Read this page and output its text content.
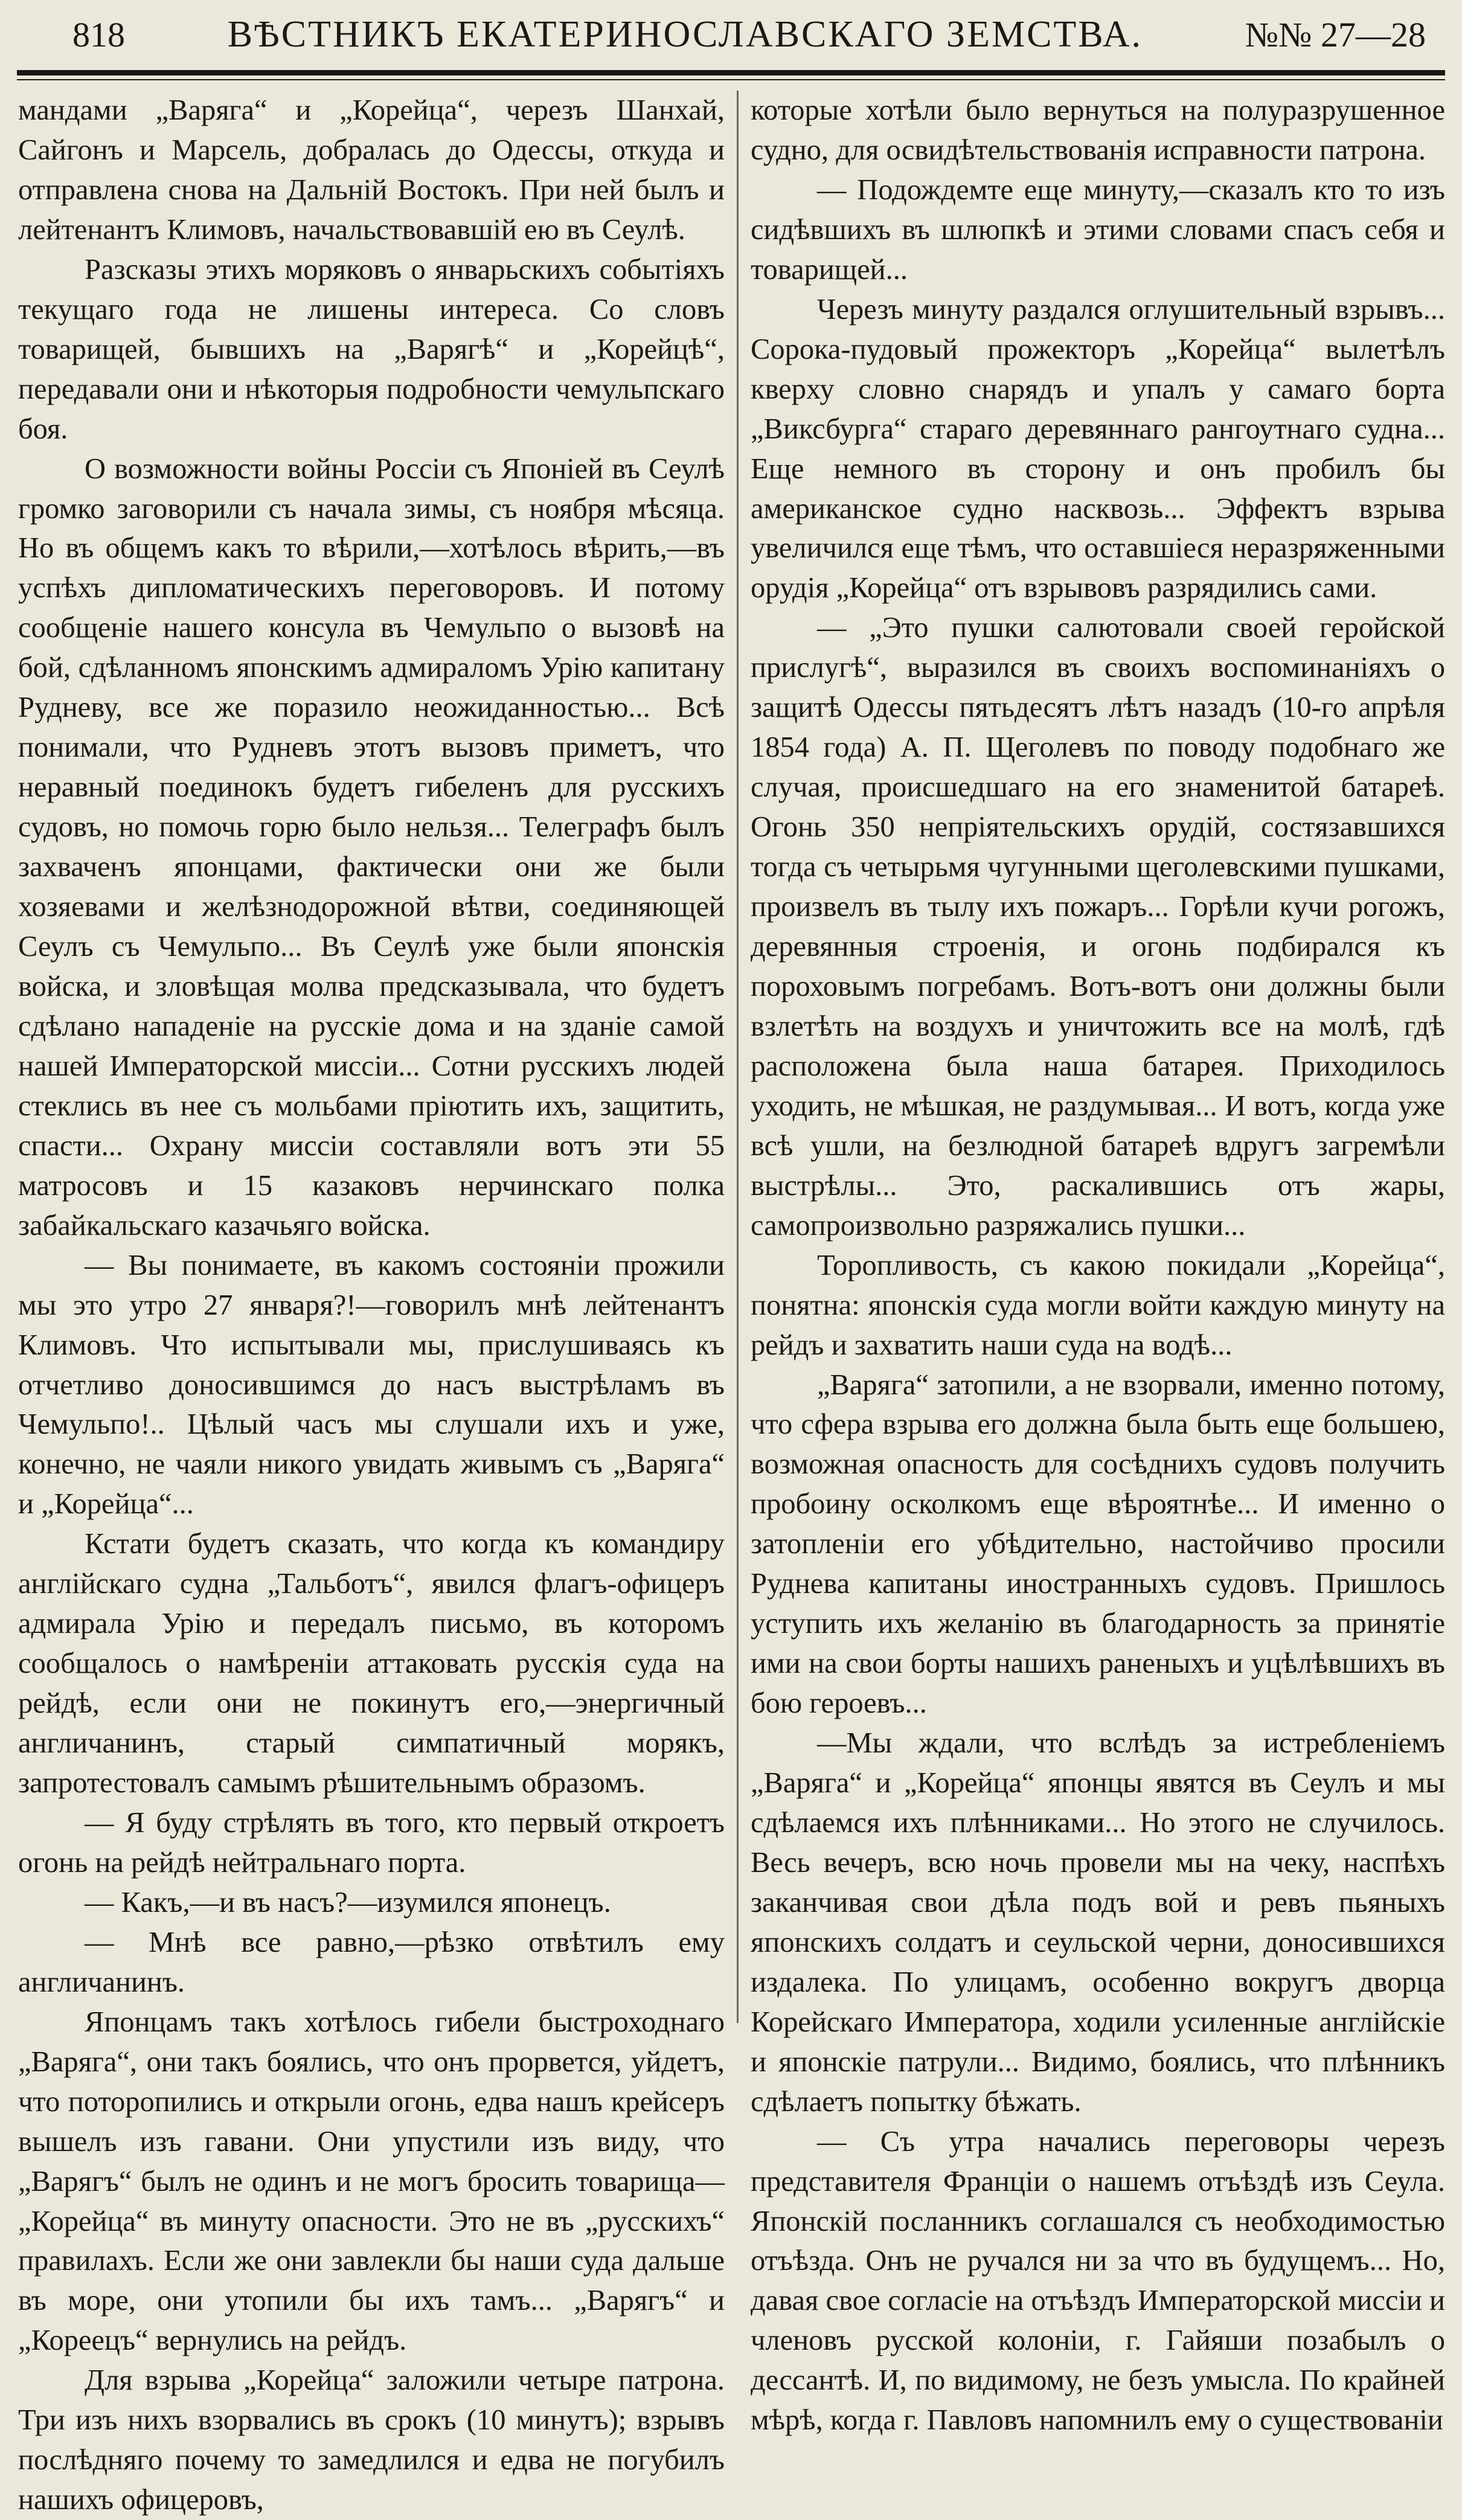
818	ВѢСТНИКЪ ЕКАТЕРИНОСЛАВСКАГО ЗЕМСТВА.	№№ 27—28

мандами „Варяга“ и „Корейца“, черезъ Шанхай, Сайгонъ и Марсель, добралась до Одессы, откуда и отправлена снова на Дальній Востокъ. При ней былъ и лейтенантъ Климовъ, начальствовавшій ею въ Сеулѣ.

Разсказы этихъ моряковъ о январьскихъ событіяхъ текущаго года не лишены интереса. Со словъ товарищей, бывшихъ на „Варягѣ“ и „Корейцѣ“, передавали они и нѣкоторыя подробности чемульпскаго боя.

О возможности войны Россіи съ Японіей въ Сеулѣ громко заговорили съ начала зимы, съ ноября мѣсяца. Но въ общемъ какъ то вѣрили,—хотѣлось вѣрить,—въ успѣхъ дипломатическихъ переговоровъ. И потому сообщеніе нашего консула въ Чемульпо о вызовѣ на бой, сдѣланномъ японскимъ адмираломъ Урію капитану Рудневу, все же поразило неожиданностью... Всѣ понимали, что Рудневъ этотъ вызовъ приметъ, что неравный поединокъ будетъ гибеленъ для русскихъ судовъ, но помочь горю было нельзя... Телеграфъ былъ захваченъ японцами, фактически они же были хозяевами и желѣзнодорожной вѣтви, соединяющей Сеулъ съ Чемульпо... Въ Сеулѣ уже были японскія войска, и зловѣщая молва предсказывала, что будетъ сдѣлано нападеніе на русскіе дома и на зданіе самой нашей Императорской миссіи... Сотни русскихъ людей стеклись въ нее съ мольбами пріютить ихъ, защитить, спасти... Охрану миссіи составляли вотъ эти 55 матросовъ и 15 казаковъ нерчинскаго полка забайкальскаго казачьяго войска.

— Вы понимаете, въ какомъ состояніи прожили мы это утро 27 января?!—говорилъ мнѣ лейтенантъ Климовъ. Что испытывали мы, прислушиваясь къ отчетливо доносившимся до насъ выстрѣламъ въ Чемульпо!.. Цѣлый часъ мы слушали ихъ и уже, конечно, не чаяли никого увидать живымъ съ „Варяга“ и „Корейца“...

Кстати будетъ сказать, что когда къ командиру англійскаго судна „Тальботъ“, явился флагъ-офицеръ адмирала Урію и передалъ письмо, въ которомъ сообщалось о намѣреніи аттаковать русскія суда на рейдѣ, если они не покинутъ его,—энергичный англичанинъ, старый симпатичный морякъ, запротестовалъ самымъ рѣшительнымъ образомъ.

— Я буду стрѣлять въ того, кто первый откроетъ огонь на рейдѣ нейтральнаго порта.

— Какъ,—и въ насъ?—изумился японецъ.

— Мнѣ все равно,—рѣзко отвѣтилъ ему англичанинъ.

Японцамъ такъ хотѣлось гибели быстроходнаго „Варяга“, они такъ боялись, что онъ прорвется, уйдетъ, что поторопились и открыли огонь, едва нашъ крейсеръ вышелъ изъ гавани. Они упустили изъ виду, что „Варягъ“ былъ не одинъ и не могъ бросить товарища—„Корейца“ въ минуту опасности. Это не въ „русскихъ“ правилахъ. Если же они завлекли бы наши суда дальше въ море, они утопили бы ихъ тамъ... „Варягъ“ и „Кореецъ“ вернулись на рейдъ.

Для взрыва „Корейца“ заложили четыре патрона. Три изъ нихъ взорвались въ срокъ (10 минутъ); взрывъ послѣдняго почему то замедлился и едва не погубилъ нашихъ офицеровъ,

которые хотѣли было вернуться на полуразрушенное судно, для освидѣтельствованія исправности патрона.

— Подождемте еще минуту,—сказалъ кто то изъ сидѣвшихъ въ шлюпкѣ и этими словами спасъ себя и товарищей...

Черезъ минуту раздался оглушительный взрывъ... Сорока-пудовый прожекторъ „Корейца“ вылетѣлъ кверху словно снарядъ и упалъ у самаго борта „Виксбурга“ стараго деревяннаго рангоутнаго судна... Еще немного въ сторону и онъ пробилъ бы американское судно насквозь... Эффектъ взрыва увеличился еще тѣмъ, что оставшіеся неразряженными орудія „Корейца“ отъ взрывовъ разрядились сами.

— „Это пушки салютовали своей геройской прислугѣ“, выразился въ своихъ воспоминаніяхъ о защитѣ Одессы пятьдесятъ лѣтъ назадъ (10-го апрѣля 1854 года) А. П. Щеголевъ по поводу подобнаго же случая, происшедшаго на его знаменитой батареѣ. Огонь 350 непріятельскихъ орудій, состязавшихся тогда съ четырьмя чугунными щеголевскими пушками, произвелъ въ тылу ихъ пожаръ... Горѣли кучи рогожъ, деревянныя строенія, и огонь подбирался къ пороховымъ погребамъ. Вотъ-вотъ они должны были взлетѣть на воздухъ и уничтожить все на молѣ, гдѣ расположена была наша батарея. Приходилось уходить, не мѣшкая, не раздумывая... И вотъ, когда уже всѣ ушли, на безлюдной батареѣ вдругъ загремѣли выстрѣлы... Это, раскалившись отъ жары, самопроизвольно разряжались пушки...

Торопливость, съ какою покидали „Корейца“, понятна: японскія суда могли войти каждую минуту на рейдъ и захватить наши суда на водѣ...

„Варяга“ затопили, а не взорвали, именно потому, что сфера взрыва его должна была быть еще большею, возможная опасность для сосѣднихъ судовъ получить пробоину осколкомъ еще вѣроятнѣе... И именно о затопленіи его убѣдительно, настойчиво просили Руднева капитаны иностранныхъ судовъ. Пришлось уступить ихъ желанію въ благодарность за принятіе ими на свои борты нашихъ раненыхъ и уцѣлѣвшихъ въ бою героевъ...

—Мы ждали, что вслѣдъ за истребленіемъ „Варяга“ и „Корейца“ японцы явятся въ Сеулъ и мы сдѣлаемся ихъ плѣнниками... Но этого не случилось. Весь вечеръ, всю ночь провели мы на чеку, наспѣхъ заканчивая свои дѣла подъ вой и ревъ пьяныхъ японскихъ солдатъ и сеульской черни, доносившихся издалека. По улицамъ, особенно вокругъ дворца Корейскаго Императора, ходили усиленные англійскіе и японскіе патрули... Видимо, боялись, что плѣнникъ сдѣлаетъ попытку бѣжать.

— Съ утра начались переговоры черезъ представителя Франціи о нашемъ отъѣздѣ изъ Сеула. Японскій посланникъ соглашался съ необходимостью отъѣзда. Онъ не ручался ни за что въ будущемъ... Но, давая свое согласіе на отъѣздъ Императорской миссіи и членовъ русской колоніи, г. Гайяши позабылъ о дессантѣ. И, по видимому, не безъ умысла. По крайней мѣрѣ, когда г. Павловъ напомнилъ ему о существованіи
